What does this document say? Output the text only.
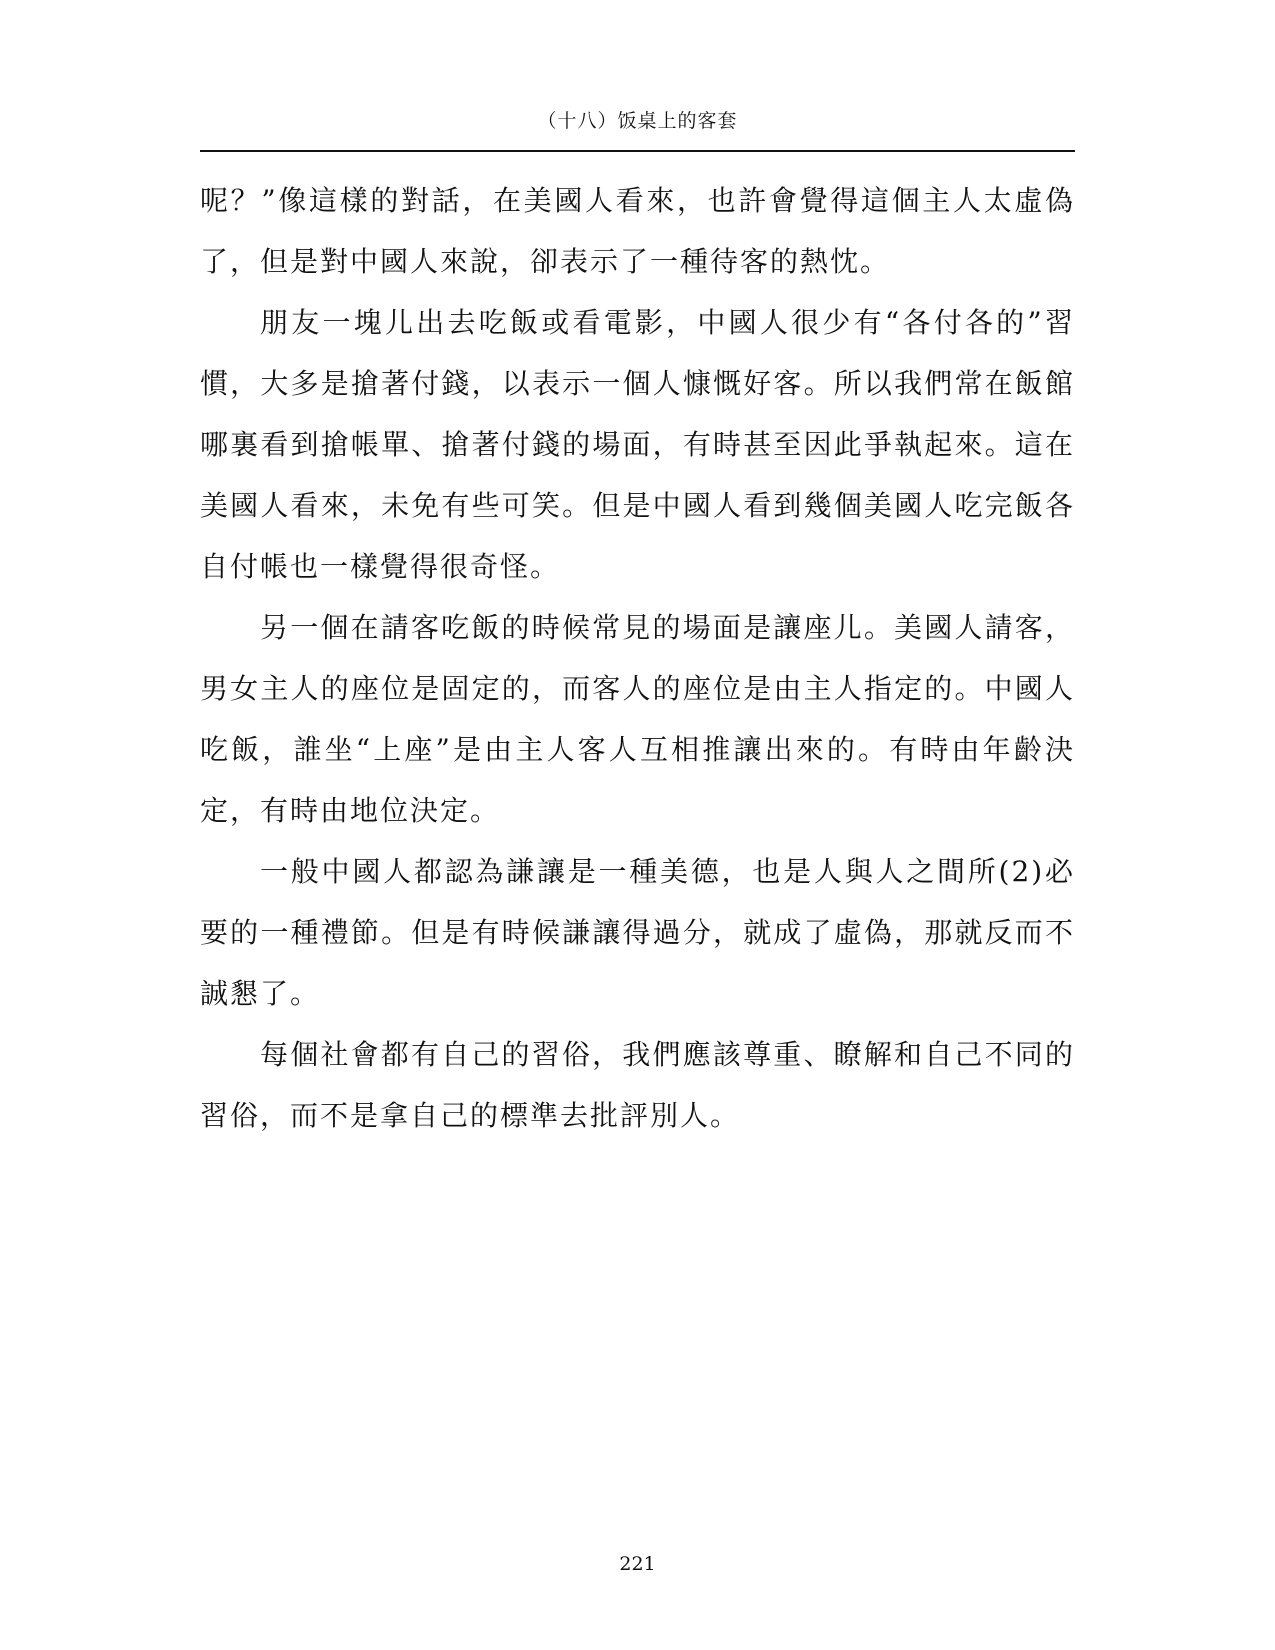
（十八）饭桌上的客套

呢？”像這樣的對話，在美國人看來，也許會覺得這個主人太虛偽了，但是對中國人來說，卻表示了一種待客的熱忱。

朋友一塊儿出去吃飯或看電影，中國人很少有“各付各的”習慣，大多是搶著付錢，以表示一個人慷慨好客。所以我們常在飯館哪裏看到搶帳單、搶著付錢的場面，有時甚至因此爭執起來。這在美國人看來，未免有些可笑。但是中國人看到幾個美國人吃完飯各自付帳也一樣覺得很奇怪。

另一個在請客吃飯的時候常見的場面是讓座儿。美國人請客，男女主人的座位是固定的，而客人的座位是由主人指定的。中國人吃飯，誰坐“上座”是由主人客人互相推讓出來的。有時由年齡決定，有時由地位決定。

一般中國人都認為謙讓是一種美德，也是人與人之間所(2)必要的一種禮節。但是有時候謙讓得過分，就成了虛偽，那就反而不誠懇了。

每個社會都有自己的習俗，我們應該尊重、瞭解和自己不同的習俗，而不是拿自己的標準去批評別人。

221
